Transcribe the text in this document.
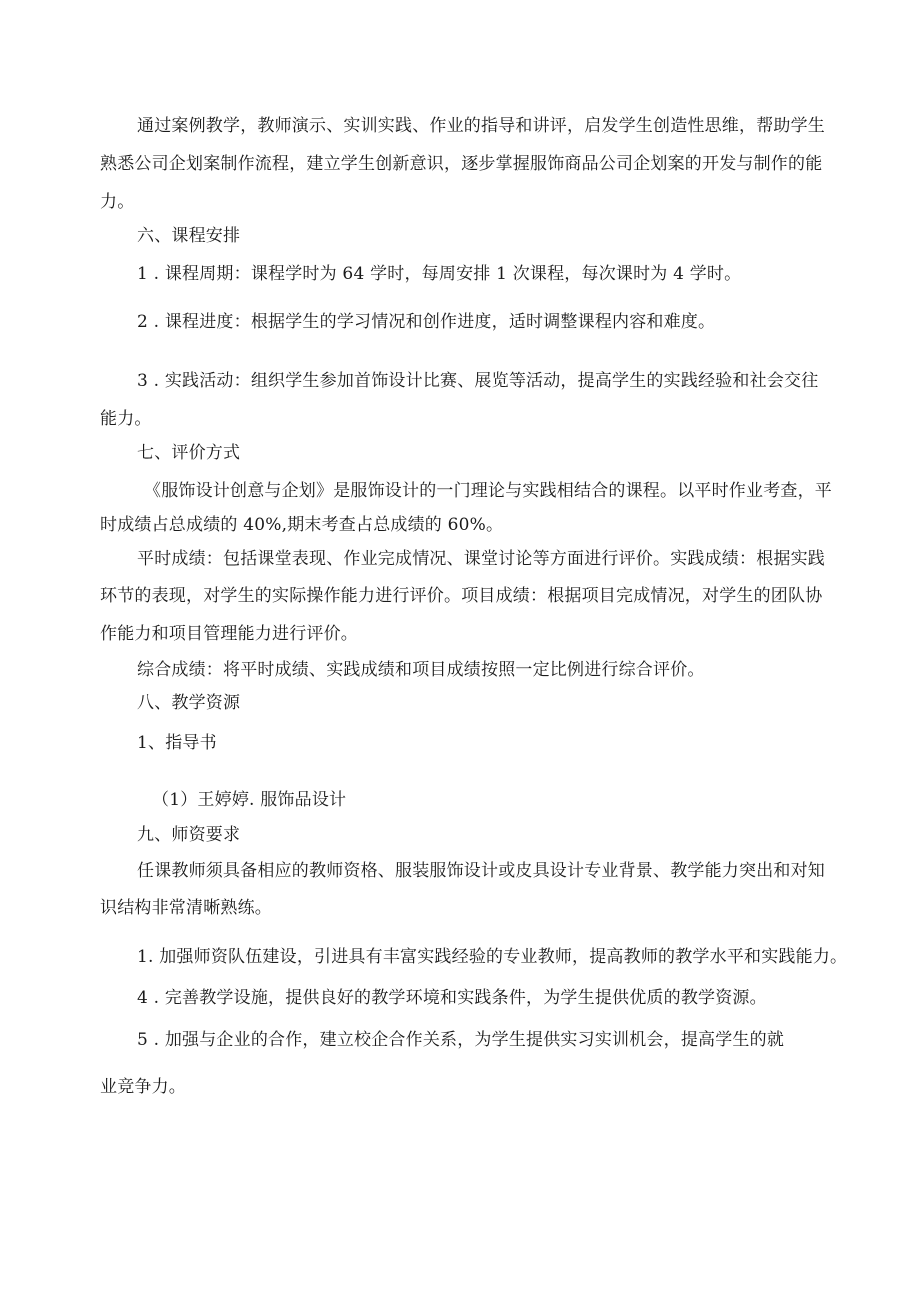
通过案例教学，教师演示、实训实践、作业的指导和讲评，启发学生创造性思维，帮助学生
熟悉公司企划案制作流程，建立学生创新意识，逐步掌握服饰商品公司企划案的开发与制作的能
力。
六、课程安排
1 . 课程周期：课程学时为 64 学时，每周安排 1 次课程，每次课时为 4 学时。
2 . 课程进度：根据学生的学习情况和创作进度，适时调整课程内容和难度。
3 . 实践活动：组织学生参加首饰设计比赛、展览等活动，提高学生的实践经验和社会交往
能力。
七、评价方式
《服饰设计创意与企划》是服饰设计的一门理论与实践相结合的课程。以平时作业考查，平
时成绩占总成绩的 40%,期末考查占总成绩的 60%。
平时成绩：包括课堂表现、作业完成情况、课堂讨论等方面进行评价。实践成绩：根据实践
环节的表现，对学生的实际操作能力进行评价。项目成绩：根据项目完成情况，对学生的团队协
作能力和项目管理能力进行评价。
综合成绩：将平时成绩、实践成绩和项目成绩按照一定比例进行综合评价。
八、教学资源
1、指导书
（1）王婷婷. 服饰品设计
九、师资要求
任课教师须具备相应的教师资格、服装服饰设计或皮具设计专业背景、教学能力突出和对知
识结构非常清晰熟练。
1. 加强师资队伍建设，引进具有丰富实践经验的专业教师，提高教师的教学水平和实践能力。
4 . 完善教学设施，提供良好的教学环境和实践条件，为学生提供优质的教学资源。
5 . 加强与企业的合作，建立校企合作关系，为学生提供实习实训机会，提高学生的就
业竞争力。
